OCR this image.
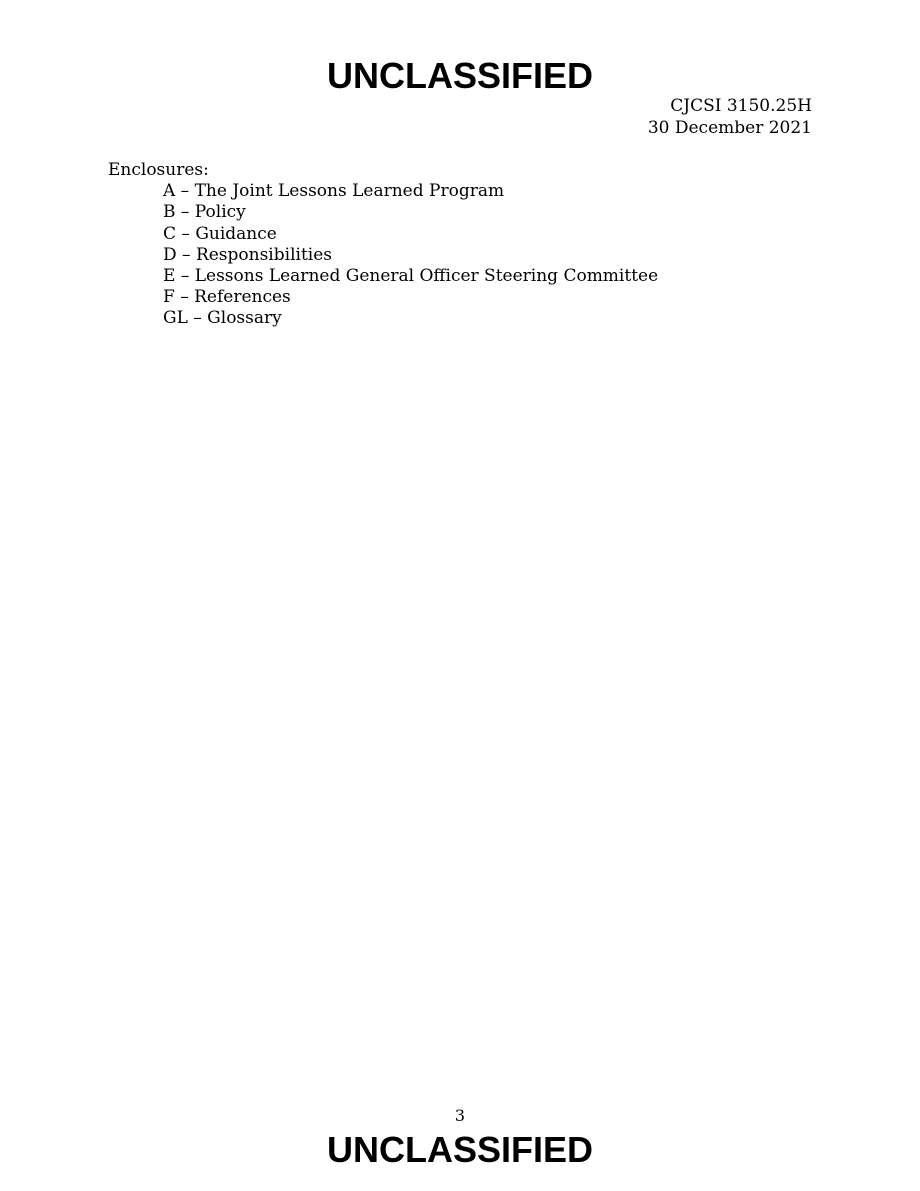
UNCLASSIFIED
CJCSI 3150.25H
30 December 2021
Enclosures:
A – The Joint Lessons Learned Program
B – Policy
C – Guidance
D – Responsibilities
E – Lessons Learned General Officer Steering Committee
F – References
GL – Glossary
3
UNCLASSIFIED
